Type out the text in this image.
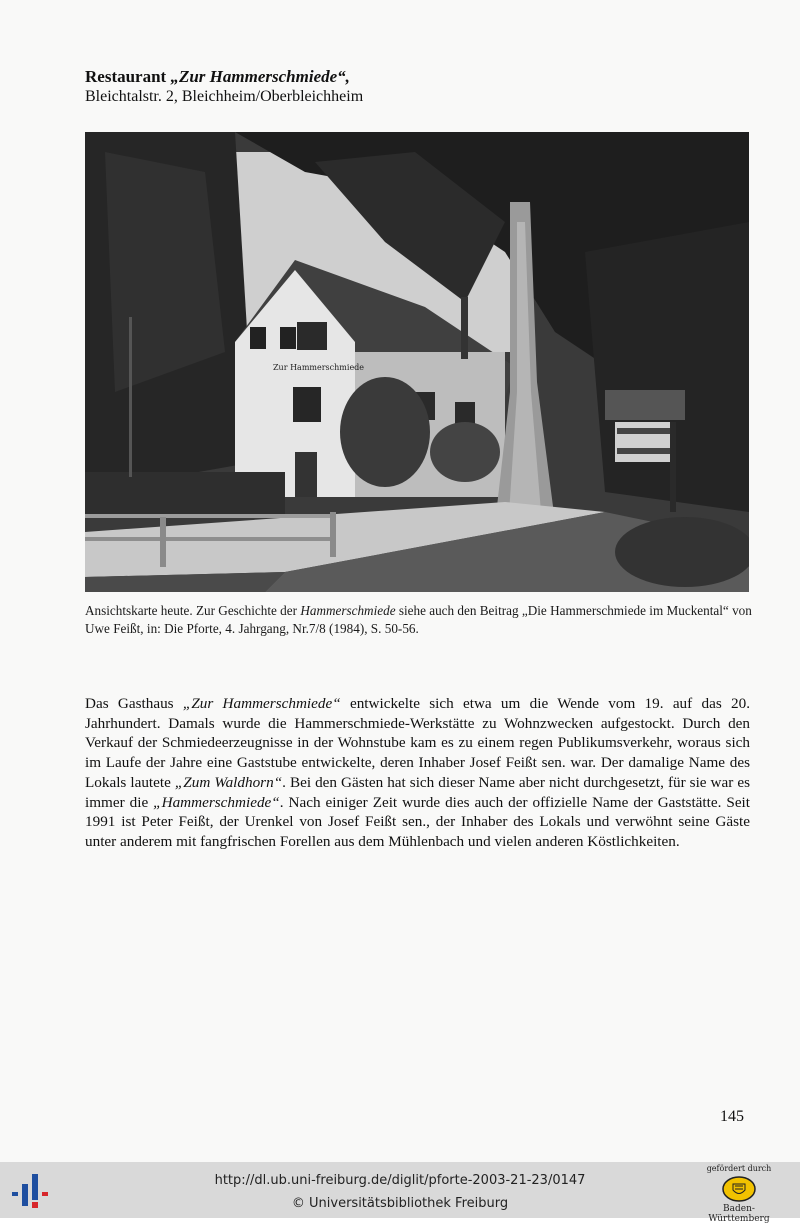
Restaurant „Zur Hammerschmiede“,
Bleichtalstr. 2, Bleichheim/Oberbleichheim
Zur Hammerschmiede
Ansichtskarte heute. Zur Geschichte der Hammerschmiede siehe auch den Beitrag „Die Hammerschmiede im Muckental“ von Uwe Feißt, in: Die Pforte, 4. Jahrgang, Nr.7/8 (1984), S. 50-56.
Das Gasthaus „Zur Hammerschmiede“ entwickelte sich etwa um die Wende vom 19. auf das 20. Jahrhundert. Damals wurde die Hammerschmiede-Werkstätte zu Wohnzwecken aufgestockt. Durch den Verkauf der Schmiedeerzeugnisse in der Wohnstube kam es zu einem regen Publikumsverkehr, woraus sich im Laufe der Jahre eine Gaststube entwickelte, deren Inhaber Josef Feißt sen. war. Der damalige Name des Lokals lautete „Zum Waldhorn“. Bei den Gästen hat sich dieser Name aber nicht durchgesetzt, für sie war es immer die „Hammerschmiede“. Nach einiger Zeit wurde dies auch der offizielle Name der Gaststätte. Seit 1991 ist Peter Feißt, der Urenkel von Josef Feißt sen., der Inhaber des Lokals und verwöhnt seine Gäste unter anderem mit fangfrischen Forellen aus dem Mühlenbach und vielen anderen Köstlichkeiten.
145
http://dl.ub.uni-freiburg.de/diglit/pforte-2003-21-23/0147
© Universitätsbibliothek Freiburg
gefördert durch
Baden-Württemberg
